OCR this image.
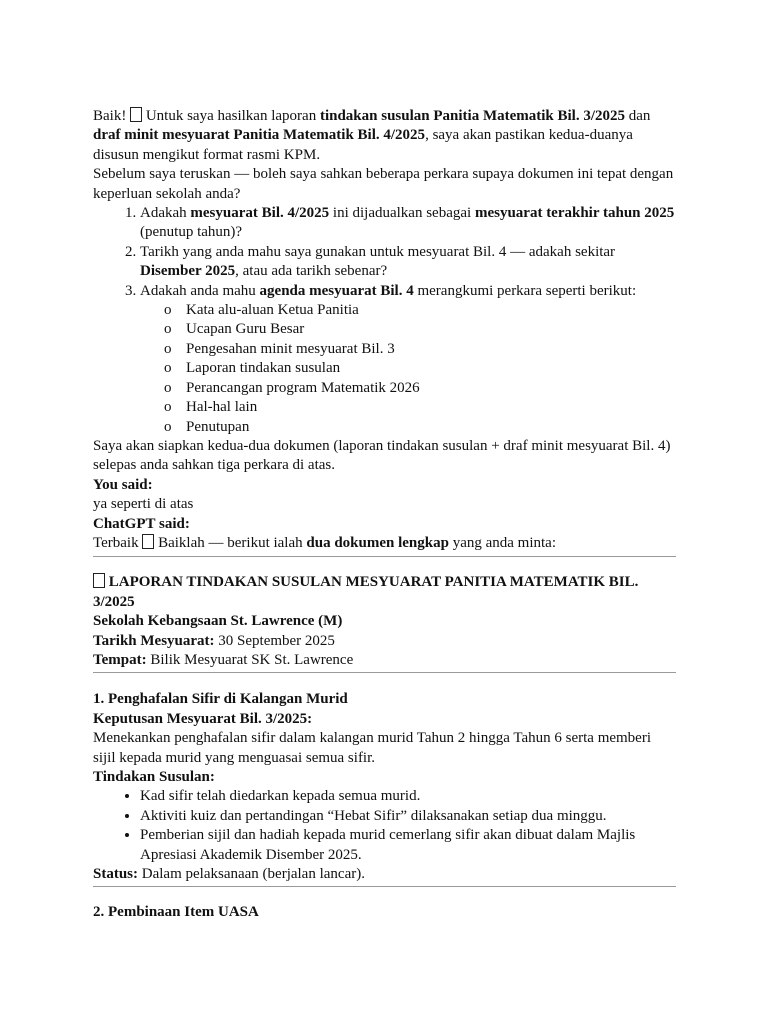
Baik! Untuk saya hasilkan laporan tindakan susulan Panitia Matematik Bil. 3/2025 dan draf minit mesyuarat Panitia Matematik Bil. 4/2025, saya akan pastikan kedua-duanya disusun mengikut format rasmi KPM.

Sebelum saya teruskan — boleh saya sahkan beberapa perkara supaya dokumen ini tepat dengan keperluan sekolah anda?

1. Adakah mesyuarat Bil. 4/2025 ini dijadualkan sebagai mesyuarat terakhir tahun 2025 (penutup tahun)?
2. Tarikh yang anda mahu saya gunakan untuk mesyuarat Bil. 4 — adakah sekitar Disember 2025, atau ada tarikh sebenar?
3. Adakah anda mahu agenda mesyuarat Bil. 4 merangkumi perkara seperti berikut:
o Kata alu-aluan Ketua Panitia
o Ucapan Guru Besar
o Pengesahan minit mesyuarat Bil. 3
o Laporan tindakan susulan
o Perancangan program Matematik 2026
o Hal-hal lain
o Penutupan

Saya akan siapkan kedua-dua dokumen (laporan tindakan susulan + draf minit mesyuarat Bil. 4) selepas anda sahkan tiga perkara di atas.

You said:

ya seperti di atas

ChatGPT said:

Terbaik Baiklah — berikut ialah dua dokumen lengkap yang anda minta:

LAPORAN TINDAKAN SUSULAN MESYUARAT PANITIA MATEMATIK BIL. 3/2025

Sekolah Kebangsaan St. Lawrence (M)

Tarikh Mesyuarat: 30 September 2025

Tempat: Bilik Mesyuarat SK St. Lawrence

1. Penghafalan Sifir di Kalangan Murid

Keputusan Mesyuarat Bil. 3/2025:

Menekankan penghafalan sifir dalam kalangan murid Tahun 2 hingga Tahun 6 serta memberi sijil kepada murid yang menguasai semua sifir.

Tindakan Susulan:

• Kad sifir telah diedarkan kepada semua murid.
• Aktiviti kuiz dan pertandingan “Hebat Sifir” dilaksanakan setiap dua minggu.
• Pemberian sijil dan hadiah kepada murid cemerlang sifir akan dibuat dalam Majlis Apresiasi Akademik Disember 2025.

Status: Dalam pelaksanaan (berjalan lancar).

2. Pembinaan Item UASA
